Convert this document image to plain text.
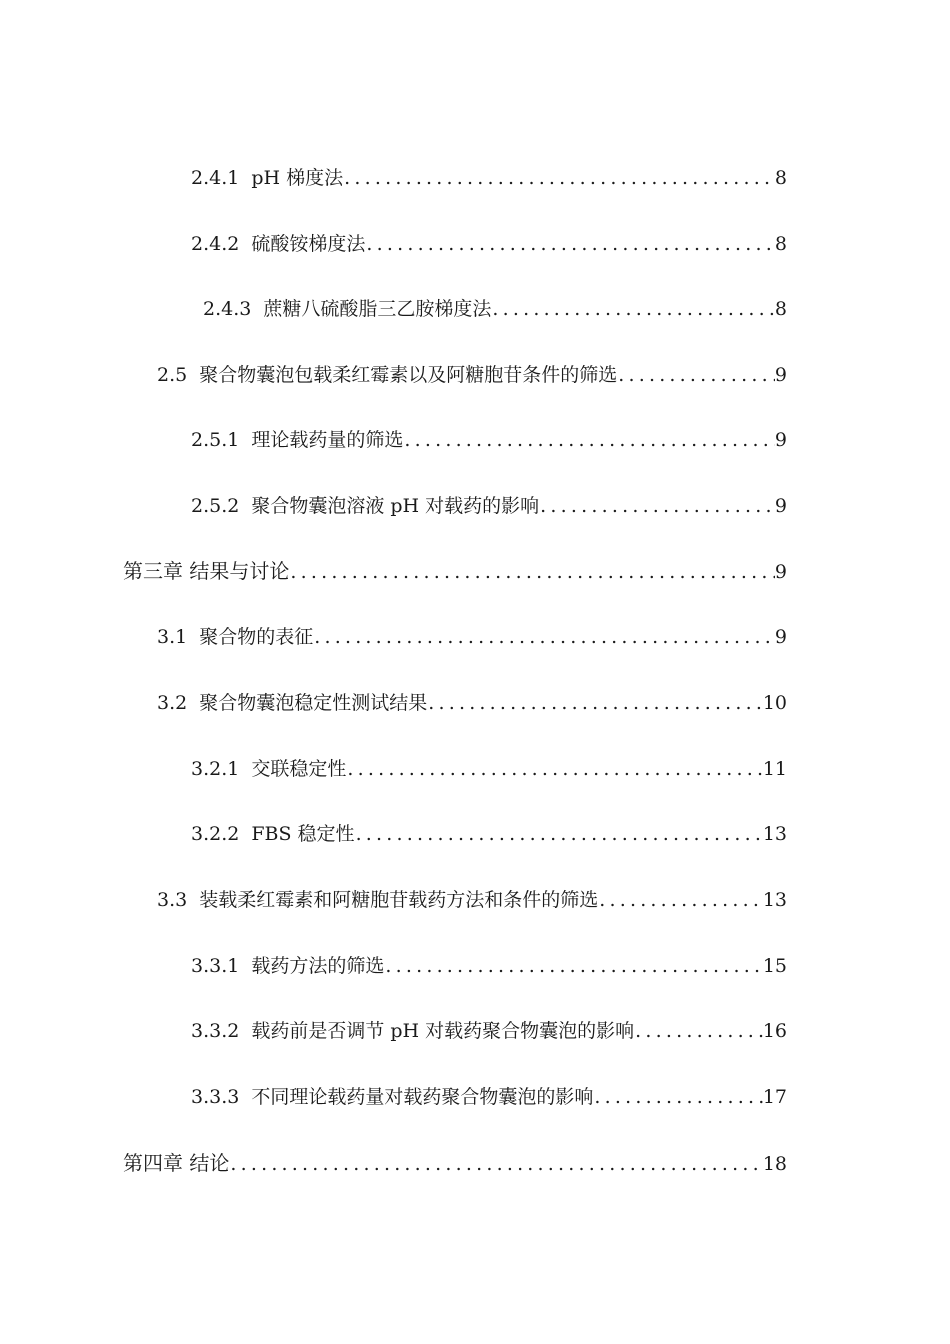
2.4.1 pH 梯度法 .....	8
2.4.2 硫酸铵梯度法 .....	8
2.4.3 蔗糖八硫酸脂三乙胺梯度法 .....	8
2.5 聚合物囊泡包载柔红霉素以及阿糖胞苷条件的筛选 .....	9
2.5.1 理论载药量的筛选 .....	9
2.5.2 聚合物囊泡溶液 pH 对载药的影响 .....	9
第三章 结果与讨论 .....	9
3.1 聚合物的表征 .....	9
3.2 聚合物囊泡稳定性测试结果 .....	10
3.2.1 交联稳定性 .....	11
3.2.2 FBS 稳定性 .....	13
3.3 装载柔红霉素和阿糖胞苷载药方法和条件的筛选 .....	13
3.3.1 载药方法的筛选 .....	15
3.3.2 载药前是否调节 pH 对载药聚合物囊泡的影响 .....	16
3.3.3 不同理论载药量对载药聚合物囊泡的影响 .....	17
第四章 结论 .....	18
